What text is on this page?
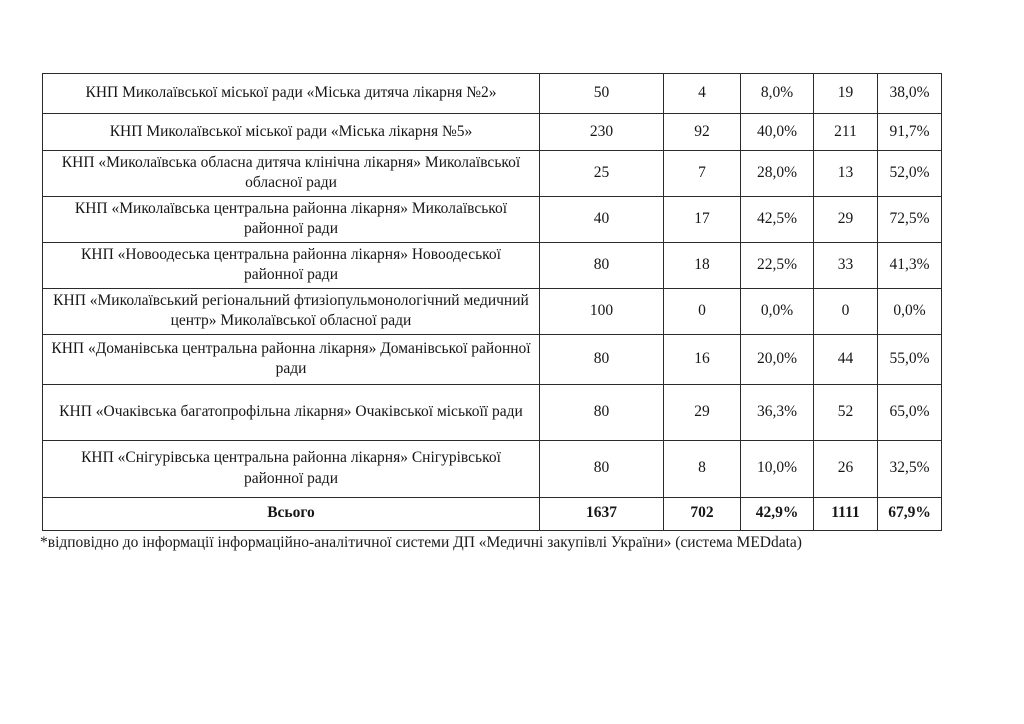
КНП Миколаївської міської ради «Міська дитяча лікарня №2»	50	4	8,0%	19	38,0%
КНП Миколаївської міської ради «Міська лікарня №5»	230	92	40,0%	211	91,7%
КНП «Миколаївська обласна дитяча клінічна лікарня» Миколаївської обласної ради	25	7	28,0%	13	52,0%
КНП «Миколаївська центральна районна лікарня» Миколаївської районної ради	40	17	42,5%	29	72,5%
КНП «Новоодеська центральна районна лікарня» Новоодеської районної ради	80	18	22,5%	33	41,3%
КНП «Миколаївський регіональний фтизіопульмонологічний медичний центр» Миколаївської обласної ради	100	0	0,0%	0	0,0%
КНП «Доманівська центральна районна лікарня» Доманівської районної ради	80	16	20,0%	44	55,0%
КНП «Очаківська багатопрофільна лікарня» Очаківської міськоїї ради	80	29	36,3%	52	65,0%
КНП «Снігурівська центральна районна лікарня» Снігурівської районної ради	80	8	10,0%	26	32,5%
Всього	1637	702	42,9%	1111	67,9%
*відповідно до інформації інформаційно-аналітичної системи ДП «Медичні закупівлі України» (система MEDdata)
